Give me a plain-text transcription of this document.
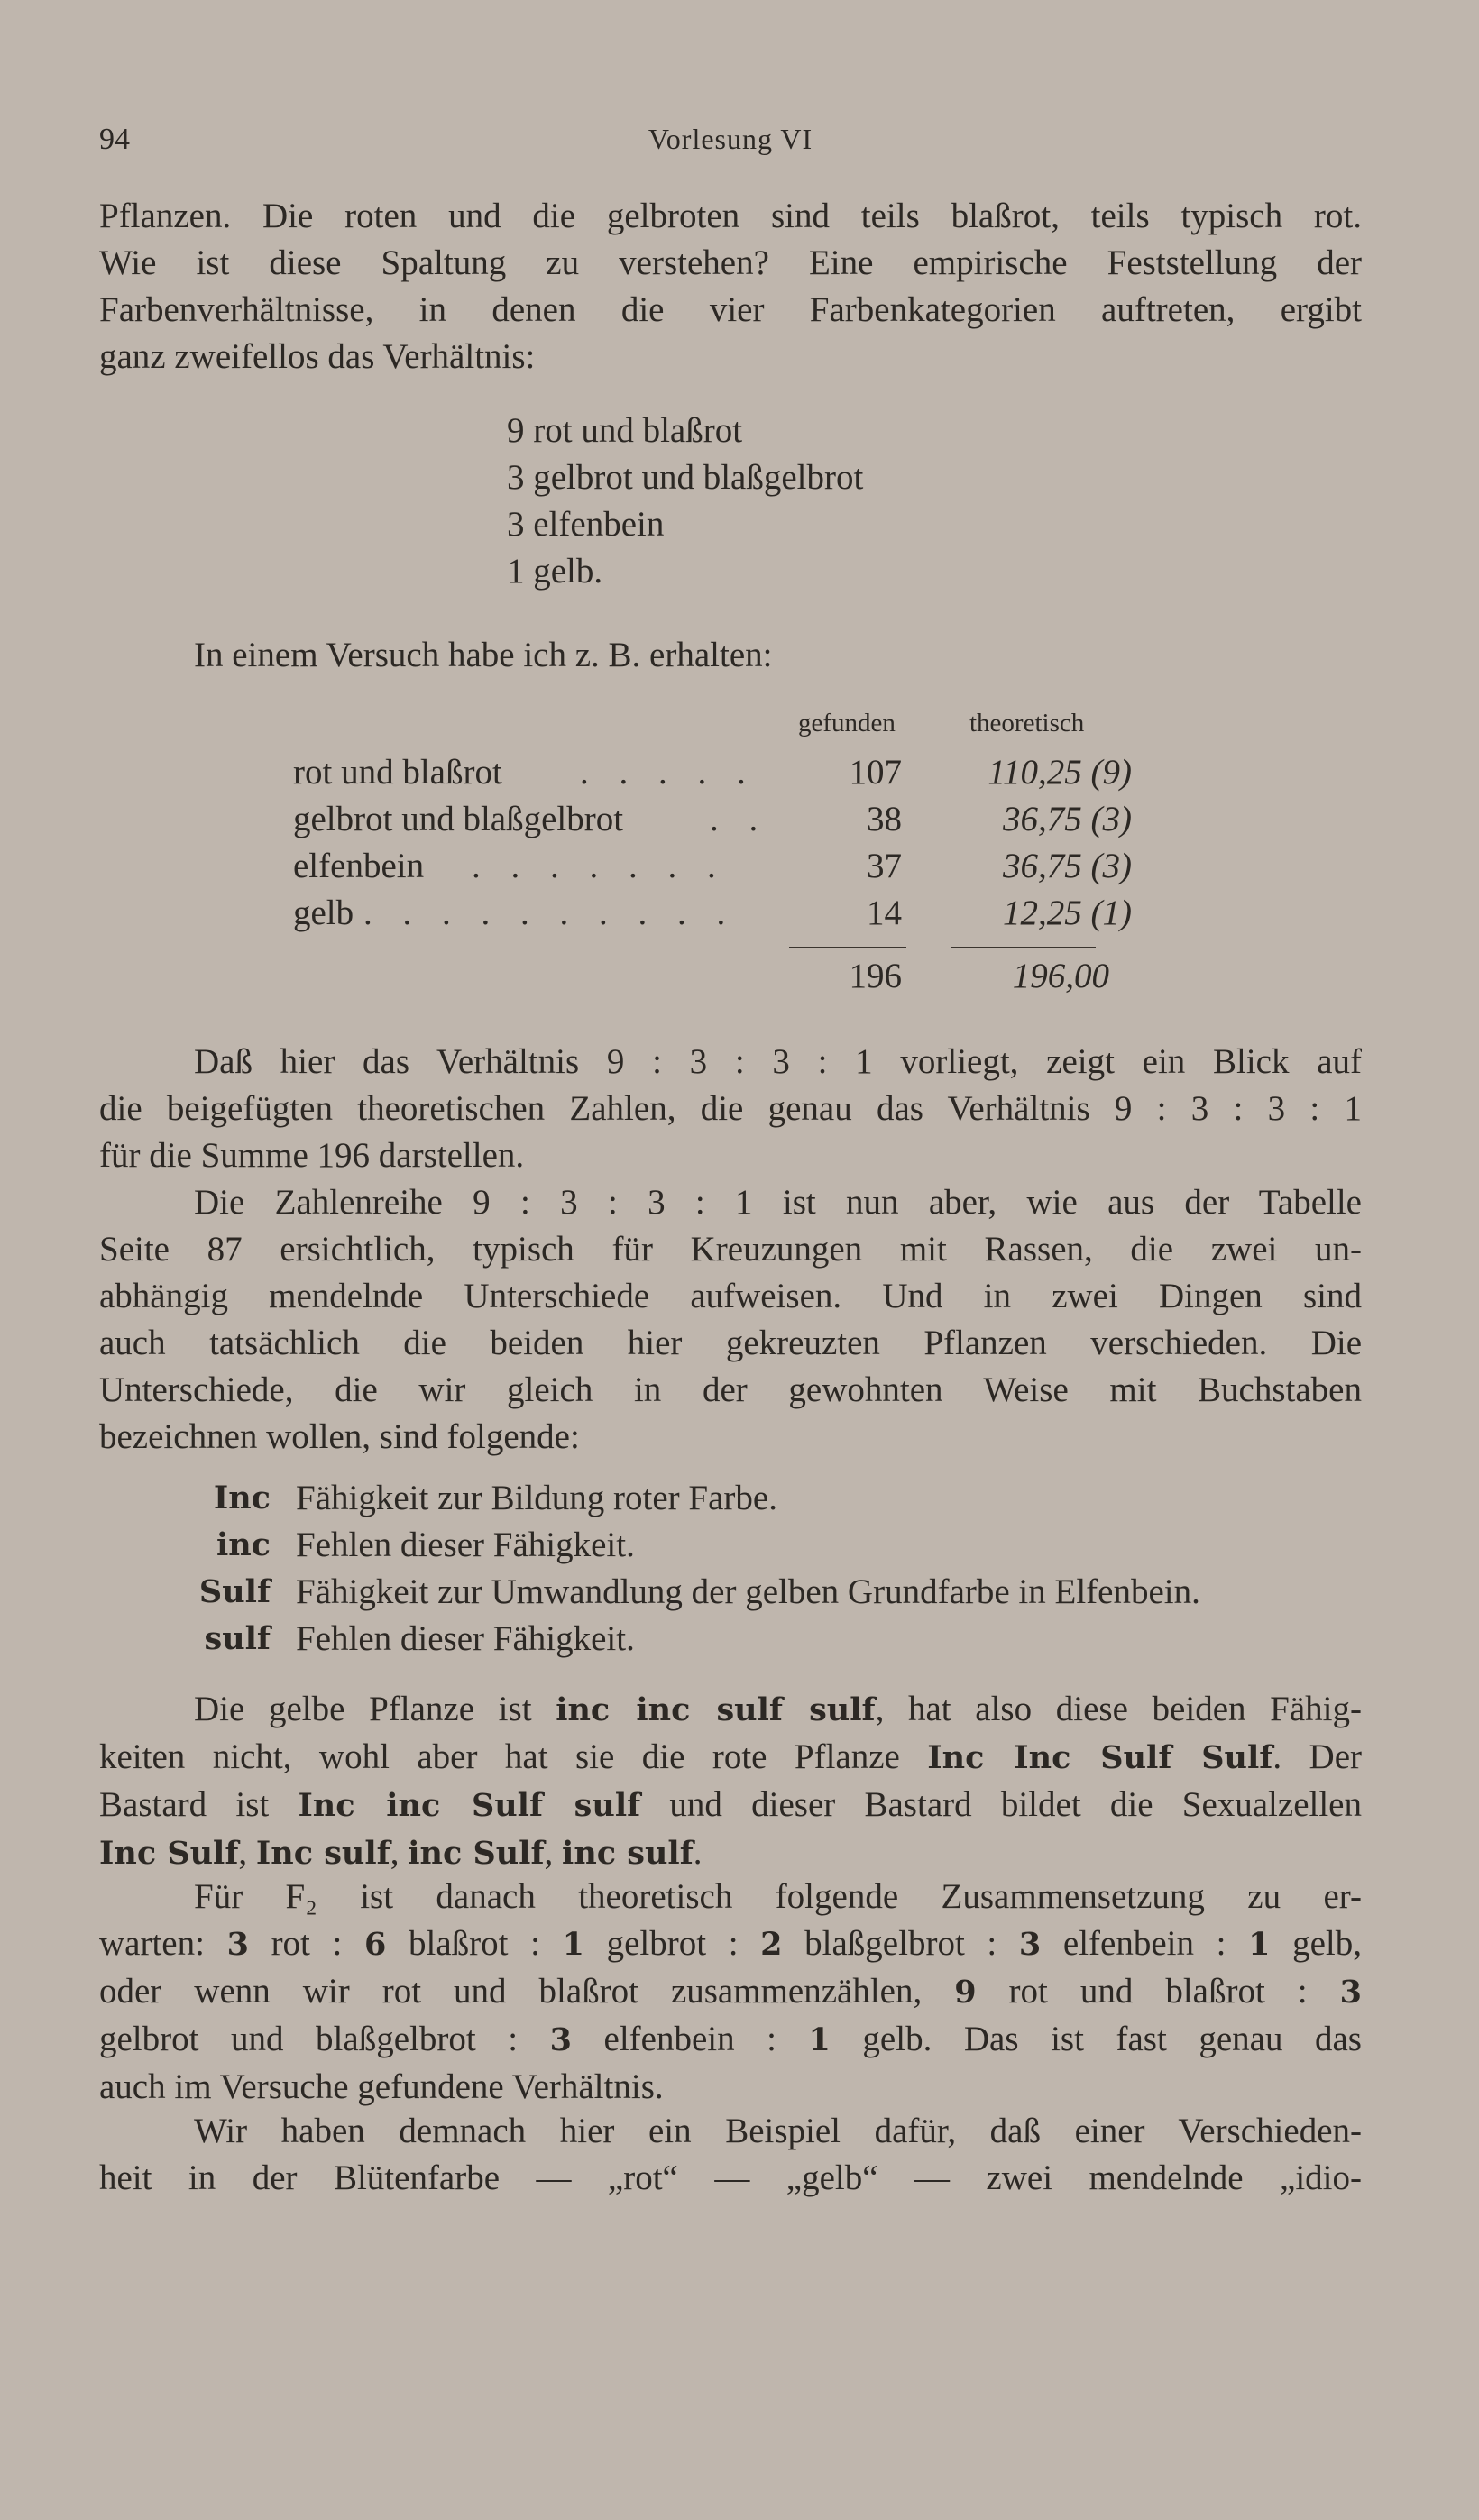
94	Vorlesung VI
Pflanzen. Die roten und die gelbroten sind teils blaßrot, teils typisch rot.
Wie ist diese Spaltung zu verstehen? Eine empirische Feststellung der
Farbenverhältnisse, in denen die vier Farbenkategorien auftreten, ergibt
ganz zweifellos das Verhältnis:
9 rot und blaßrot
3 gelbrot und blaßgelbrot
3 elfenbein
1 gelb.
In einem Versuch habe ich z. B. erhalten:
gefunden	theoretisch
rot und blaßrot . . . . .	107 110,25 (9)
gelbrot und blaßgelbrot . .	38	36,75 (3)
elfenbein . . . . . . .	37	36,75 (3)
gelb . . . . . . . . . .	14	12,25 (1)
196	196,00
Daß hier das Verhältnis 9 : 3 : 3 : 1 vorliegt, zeigt ein Blick auf
die beigefügten theoretischen Zahlen, die genau das Verhältnis 9 : 3 : 3 : 1
für die Summe 196 darstellen.
Die Zahlenreihe 9 : 3 : 3 : 1 ist nun aber, wie aus der Tabelle
Seite 87 ersichtlich, typisch für Kreuzungen mit Rassen, die zwei un-
abhängig mendelnde Unterschiede aufweisen. Und in zwei Dingen sind
auch tatsächlich die beiden hier gekreuzten Pflanzen verschieden. Die
Unterschiede, die wir gleich in der gewohnten Weise mit Buchstaben
bezeichnen wollen, sind folgende:
Inc Fähigkeit zur Bildung roter Farbe.
inc Fehlen dieser Fähigkeit.
Sulf Fähigkeit zur Umwandlung der gelben Grundfarbe in Elfenbein.
sulf Fehlen dieser Fähigkeit.
Die gelbe Pflanze ist inc inc sulf sulf, hat also diese beiden Fähig-
keiten nicht, wohl aber hat sie die rote Pflanze Inc Inc Sulf Sulf. Der
Bastard ist Inc inc Sulf sulf und dieser Bastard bildet die Sexualzellen
Inc Sulf, Inc sulf, inc Sulf, inc sulf.
Für F₂ ist danach theoretisch folgende Zusammensetzung zu er-
warten: 3 rot : 6 blaßrot : 1 gelbrot : 2 blaßgelbrot : 3 elfenbein : 1 gelb,
oder wenn wir rot und blaßrot zusammenzählen, 9 rot und blaßrot : 3
gelbrot und blaßgelbrot : 3 elfenbein : 1 gelb. Das ist fast genau das
auch im Versuche gefundene Verhältnis.
Wir haben demnach hier ein Beispiel dafür, daß einer Verschieden-
heit in der Blütenfarbe — „rot“ — „gelb“ — zwei mendelnde „idio-
